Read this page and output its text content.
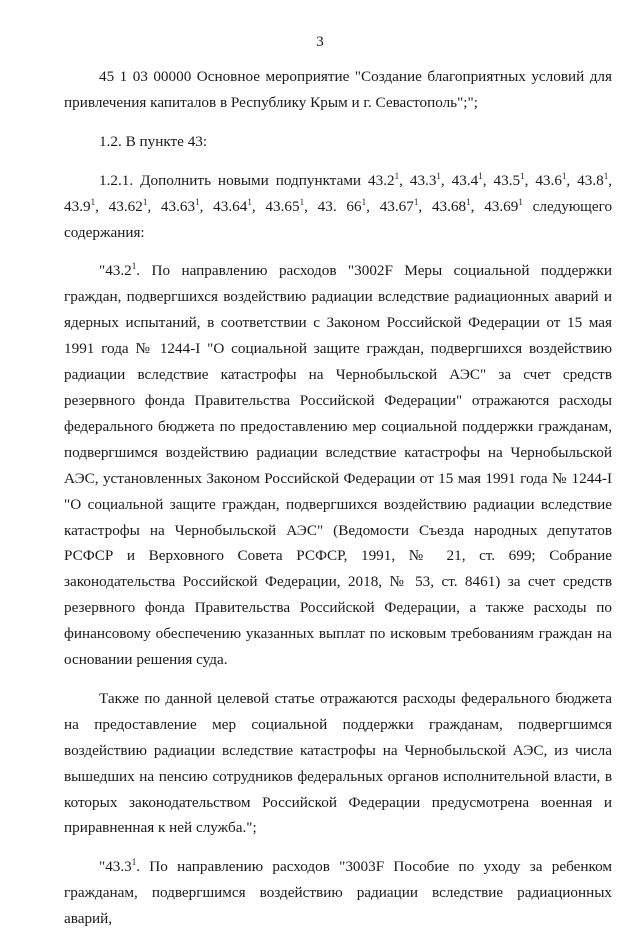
3

45 1 03 00000 Основное мероприятие "Создание благоприятных условий для привлечения капиталов в Республику Крым и г. Севастополь";";

1.2. В пункте 43:

1.2.1. Дополнить новыми подпунктами 43.2$^1$, 43.3$^1$, 43.4$^1$, 43.5$^1$, 43.6$^1$, 43.8$^1$, 43.9$^1$, 43.62$^1$, 43.63$^1$, 43.64$^1$, 43.65$^1$, 43. $66^1$, 43.67$^1$, 43.68$^1$, 43.69$^1$ следующего содержания:

"43.2$^1$. По направлению расходов "3002F Меры социальной поддержки граждан, подвергшихся воздействию радиации вследствие радиационных аварий и ядерных испытаний, в соответствии с Законом Российской Федерации от 15 мая 1991 года № 1244-I "О социальной защите граждан, подвергшихся воздействию радиации вследствие катастрофы на Чернобыльской АЭС" за счет средств резервного фонда Правительства Российской Федерации" отражаются расходы федерального бюджета по предоставлению мер социальной поддержки гражданам, подвергшимся воздействию радиации вследствие катастрофы на Чернобыльской АЭС, установленных Законом Российской Федерации от 15 мая 1991 года № 1244-I "О социальной защите граждан, подвергшихся воздействию радиации вследствие катастрофы на Чернобыльской АЭС" (Ведомости Съезда народных депутатов РСФСР и Верховного Совета РСФСР, 1991, № 21, ст. 699; Собрание законодательства Российской Федерации, 2018, № 53, ст. 8461) за счет средств резервного фонда Правительства Российской Федерации, а также расходы по финансовому обеспечению указанных выплат по исковым требованиям граждан на основании решения суда.

Также по данной целевой статье отражаются расходы федерального бюджета на предоставление мер социальной поддержки гражданам, подвергшимся воздействию радиации вследствие катастрофы на Чернобыльской АЭС, из числа вышедших на пенсию сотрудников федеральных органов исполнительной власти, в которых законодательством Российской Федерации предусмотрена военная и приравненная к ней служба.";

"43.3$^1$. По направлению расходов "3003F Пособие по уходу за ребенком гражданам, подвергшимся воздействию радиации вследствие радиационных аварий,
